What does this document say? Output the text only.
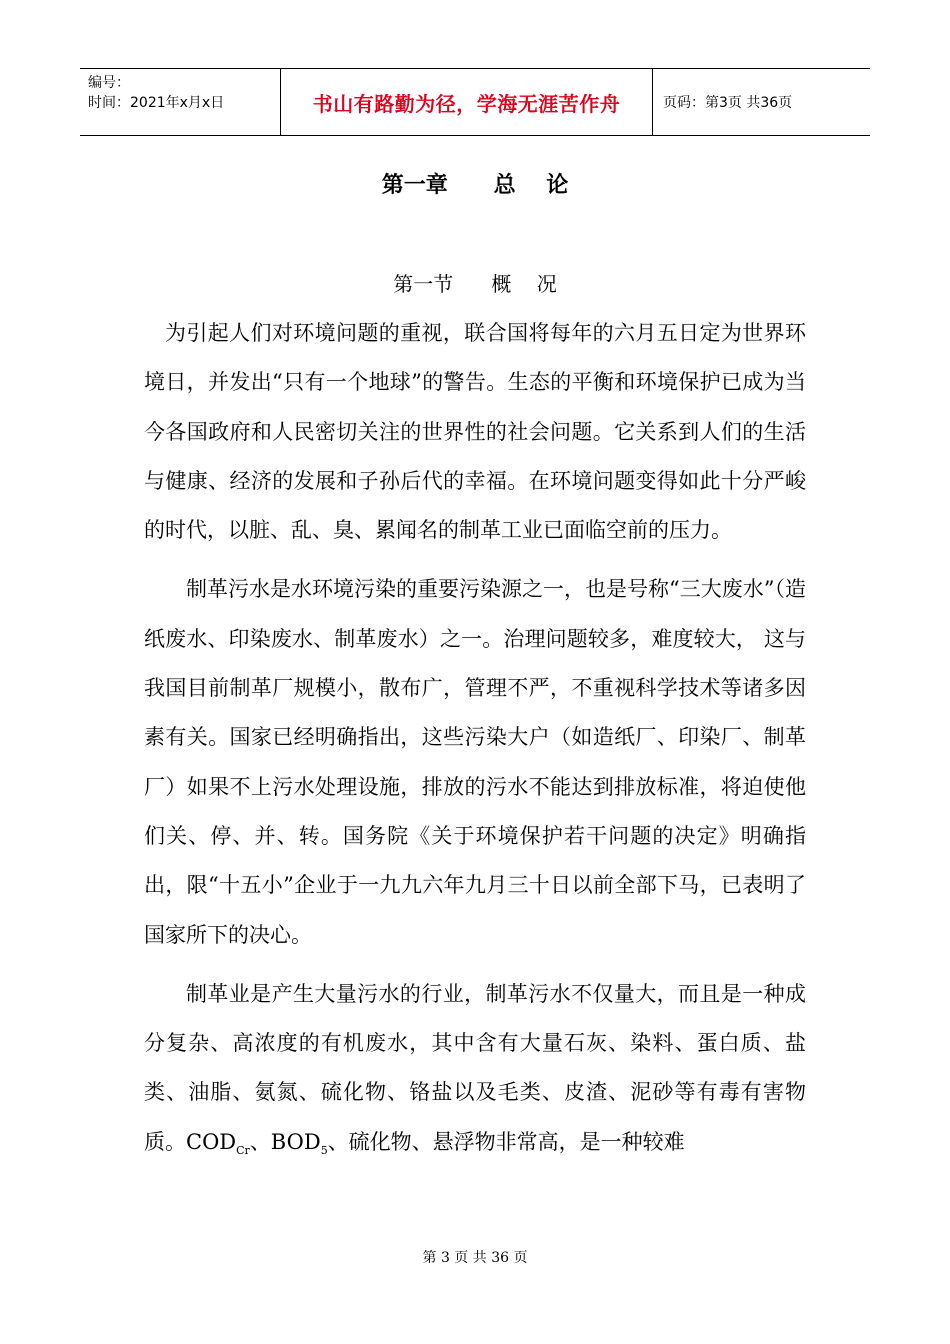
编号：
时间：2021年x月x日	书山有路勤为径，学海无涯苦作舟	页码：第3页 共36页
第一章      总    论
第一节      概    况

为引起人们对环境问题的重视，联合国将每年的六月五日定为世界环境日，并发出“只有一个地球”的警告。生态的平衡和环境保护已成为当今各国政府和人民密切关注的世界性的社会问题。它关系到人们的生活与健康、经济的发展和子孙后代的幸福。在环境问题变得如此十分严峻的时代，以脏、乱、臭、累闻名的制革工业已面临空前的压力。

制革污水是水环境污染的重要污染源之一，也是号称“三大废水”（造纸废水、印染废水、制革废水）之一。治理问题较多，难度较大， 这与我国目前制革厂规模小，散布广，管理不严，不重视科学技术等诸多因素有关。国家已经明确指出，这些污染大户（如造纸厂、印染厂、制革厂）如果不上污水处理设施，排放的污水不能达到排放标准，将迫使他们关、停、并、转。国务院《关于环境保护若干问题的决定》明确指出，限“十五小”企业于一九九六年九月三十日以前全部下马，已表明了国家所下的决心。

制革业是产生大量污水的行业，制革污水不仅量大，而且是一种成分复杂、高浓度的有机废水，其中含有大量石灰、染料、蛋白质、盐类、油脂、氨氮、硫化物、铬盐以及毛类、皮渣、泥砂等有毒有害物质。$COD_{Cr}$、$BOD_5$、硫化物、悬浮物非常高，是一种较难

第 3 页 共 36 页
